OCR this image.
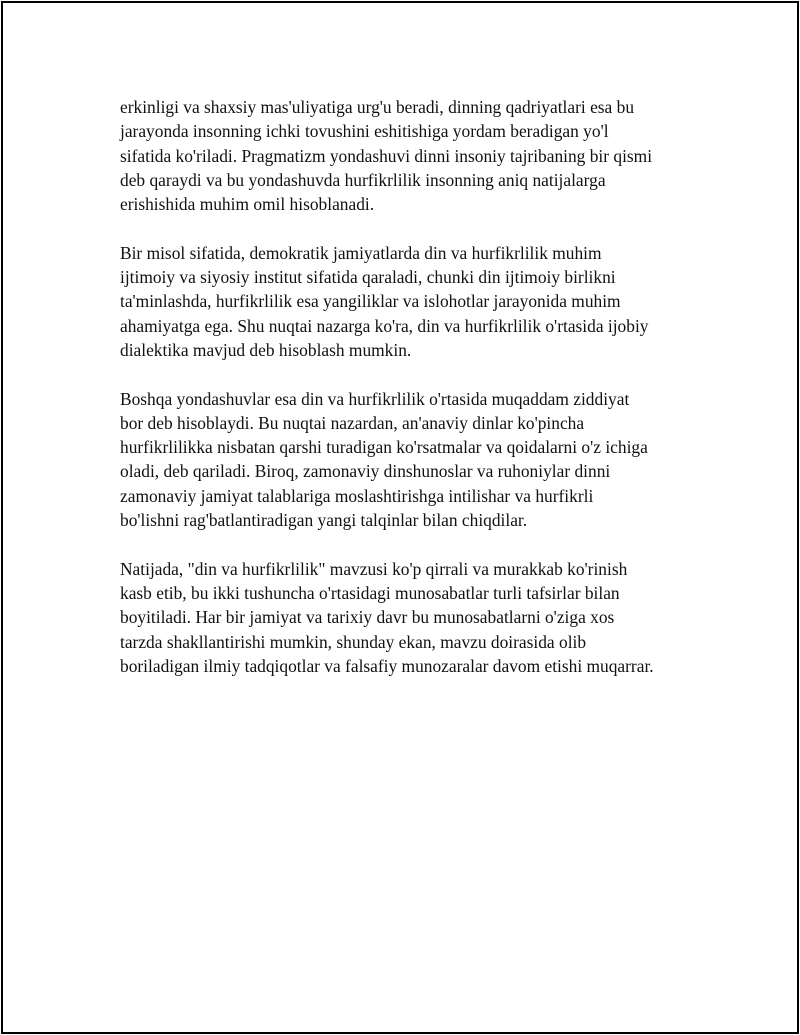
erkinligi va shaxsiy mas'uliyatiga urg'u beradi, dinning qadriyatlari esa bu
jarayonda insonning ichki tovushini eshitishiga yordam beradigan yo'l
sifatida ko'riladi. Pragmatizm yondashuvi dinni insoniy tajribaning bir qismi
deb qaraydi va bu yondashuvda hurfikrlilik insonning aniq natijalarga
erishishida muhim omil hisoblanadi.

Bir misol sifatida, demokratik jamiyatlarda din va hurfikrlilik muhim
ijtimoiy va siyosiy institut sifatida qaraladi, chunki din ijtimoiy birlikni
ta'minlashda, hurfikrlilik esa yangiliklar va islohotlar jarayonida muhim
ahamiyatga ega. Shu nuqtai nazarga ko'ra, din va hurfikrlilik o'rtasida ijobiy
dialektika mavjud deb hisoblash mumkin.

Boshqa yondashuvlar esa din va hurfikrlilik o'rtasida muqaddam ziddiyat
bor deb hisoblaydi. Bu nuqtai nazardan, an'anaviy dinlar ko'pincha
hurfikrlilikka nisbatan qarshi turadigan ko'rsatmalar va qoidalarni o'z ichiga
oladi, deb qariladi. Biroq, zamonaviy dinshunoslar va ruhoniylar dinni
zamonaviy jamiyat talablariga moslashtirishga intilishar va hurfikrli
bo'lishni rag'batlantiradigan yangi talqinlar bilan chiqdilar.

Natijada, "din va hurfikrlilik" mavzusi ko'p qirrali va murakkab ko'rinish
kasb etib, bu ikki tushuncha o'rtasidagi munosabatlar turli tafsirlar bilan
boyitiladi. Har bir jamiyat va tarixiy davr bu munosabatlarni o'ziga xos
tarzda shakllantirishi mumkin, shunday ekan, mavzu doirasida olib
boriladigan ilmiy tadqiqotlar va falsafiy munozaralar davom etishi muqarrar.
